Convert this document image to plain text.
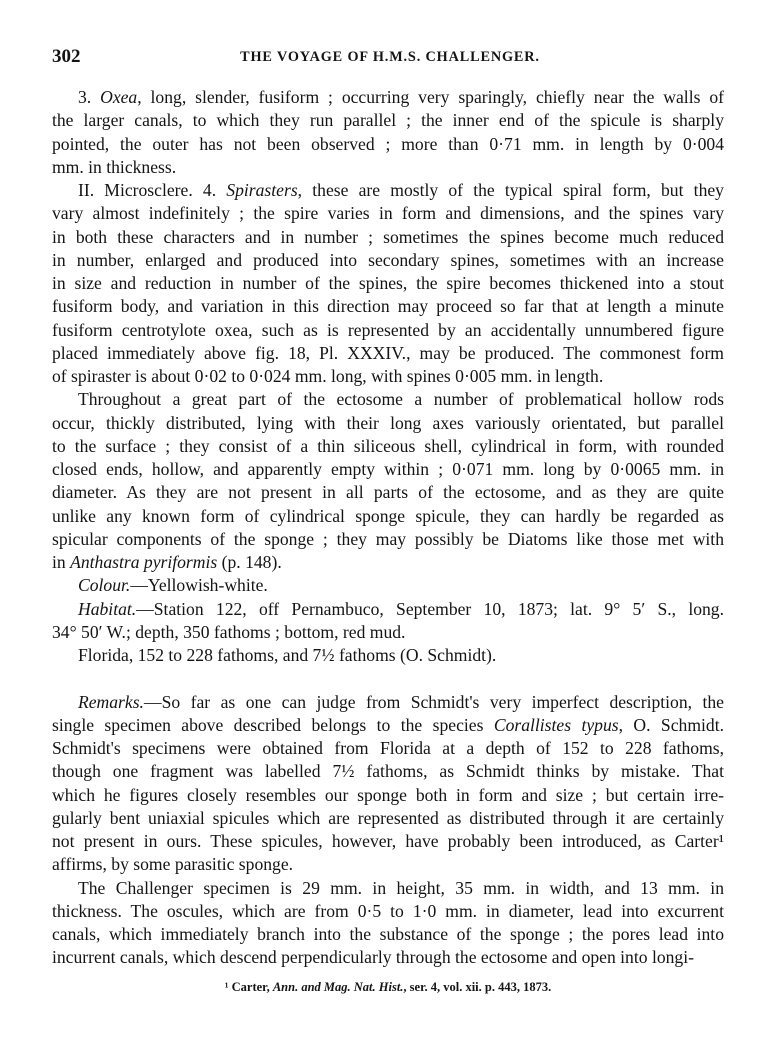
302	THE VOYAGE OF H.M.S. CHALLENGER.
3. Oxea, long, slender, fusiform ; occurring very sparingly, chiefly near the walls of
the larger canals, to which they run parallel ; the inner end of the spicule is sharply
pointed, the outer has not been observed ; more than 0·71 mm. in length by 0·004
mm. in thickness.
II. Microsclere. 4. Spirasters, these are mostly of the typical spiral form, but they
vary almost indefinitely ; the spire varies in form and dimensions, and the spines vary
in both these characters and in number ; sometimes the spines become much reduced
in number, enlarged and produced into secondary spines, sometimes with an increase
in size and reduction in number of the spines, the spire becomes thickened into a stout
fusiform body, and variation in this direction may proceed so far that at length a minute
fusiform centrotylote oxea, such as is represented by an accidentally unnumbered figure
placed immediately above fig. 18, Pl. XXXIV., may be produced. The commonest form
of spiraster is about 0·02 to 0·024 mm. long, with spines 0·005 mm. in length.
Throughout a great part of the ectosome a number of problematical hollow rods
occur, thickly distributed, lying with their long axes variously orientated, but parallel
to the surface ; they consist of a thin siliceous shell, cylindrical in form, with rounded
closed ends, hollow, and apparently empty within ; 0·071 mm. long by 0·0065 mm. in
diameter. As they are not present in all parts of the ectosome, and as they are quite
unlike any known form of cylindrical sponge spicule, they can hardly be regarded as
spicular components of the sponge ; they may possibly be Diatoms like those met with
in Anthastra pyriformis (p. 148).
Colour.—Yellowish-white.
Habitat.—Station 122, off Pernambuco, September 10, 1873; lat. 9° 5′ S., long.
34° 50′ W.; depth, 350 fathoms ; bottom, red mud.
Florida, 152 to 228 fathoms, and 7½ fathoms (O. Schmidt).
Remarks.—So far as one can judge from Schmidt's very imperfect description, the
single specimen above described belongs to the species Corallistes typus, O. Schmidt.
Schmidt's specimens were obtained from Florida at a depth of 152 to 228 fathoms,
though one fragment was labelled 7½ fathoms, as Schmidt thinks by mistake. That
which he figures closely resembles our sponge both in form and size ; but certain irre-
gularly bent uniaxial spicules which are represented as distributed through it are certainly
not present in ours. These spicules, however, have probably been introduced, as Carter¹
affirms, by some parasitic sponge.
The Challenger specimen is 29 mm. in height, 35 mm. in width, and 13 mm. in
thickness. The oscules, which are from 0·5 to 1·0 mm. in diameter, lead into excurrent
canals, which immediately branch into the substance of the sponge ; the pores lead into
incurrent canals, which descend perpendicularly through the ectosome and open into longi-
¹ Carter, Ann. and Mag. Nat. Hist., ser. 4, vol. xii. p. 443, 1873.
